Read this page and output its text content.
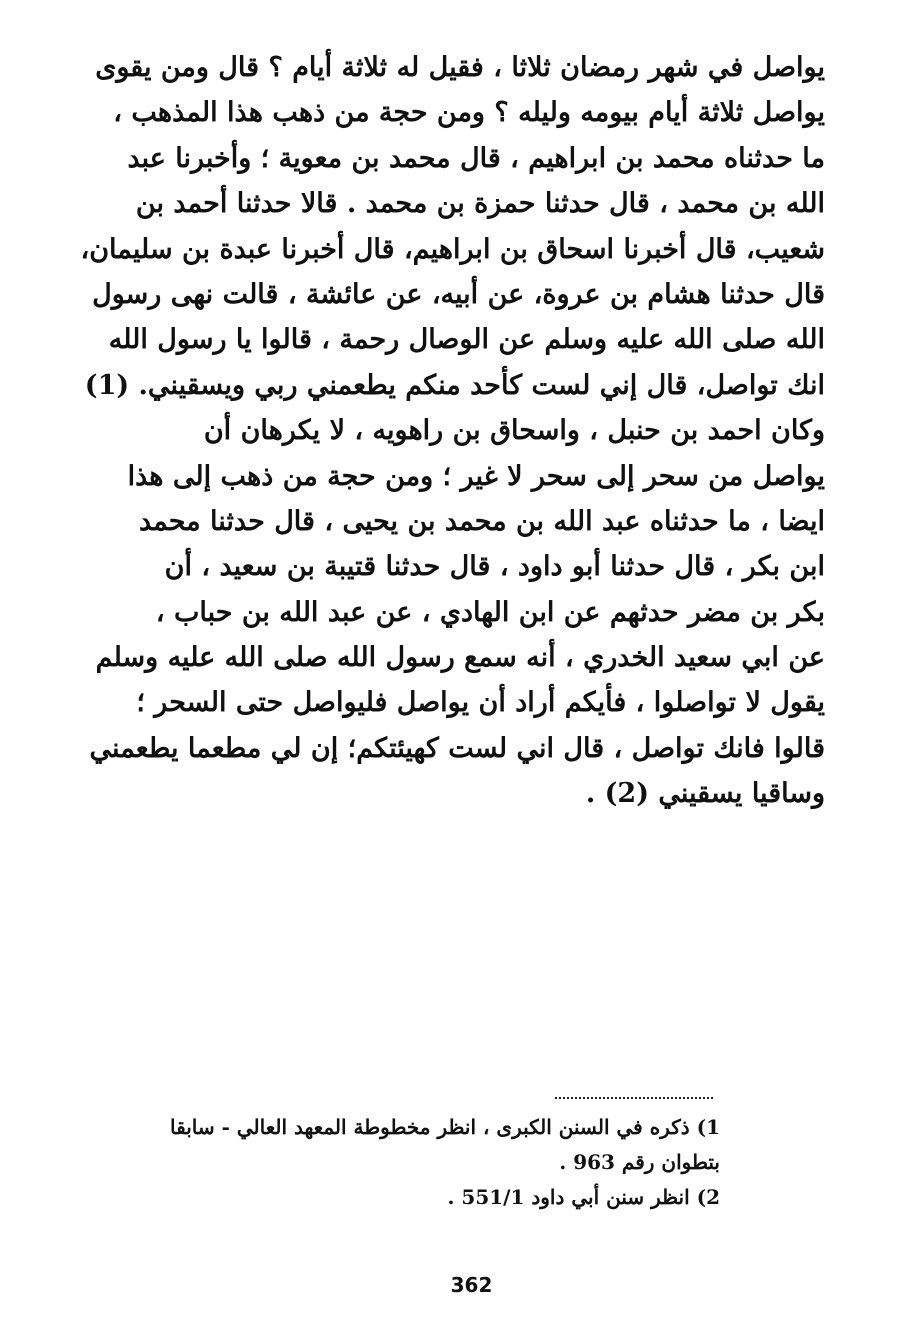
يواصل في شهر رمضان ثلاثا ، فقيل له ثلاثة أيام ؟ قال ومن يقوى
يواصل ثلاثة أيام بيومه وليله ؟ ومن حجة من ذهب هذا المذهب ،
ما حدثناه محمد بن ابراهيم ، قال محمد بن معوية ؛ وأخبرنا عبد
الله بن محمد ، قال حدثنا حمزة بن محمد . قالا حدثنا أحمد بن
شعيب، قال أخبرنا اسحاق بن ابراهيم، قال أخبرنا عبدة بن سليمان،
قال حدثنا هشام بن عروة، عن أبيه، عن عائشة ، قالت نهى رسول
الله صلى الله عليه وسلم عن الوصال رحمة ، قالوا يا رسول الله
انك تواصل، قال إني لست كأحد منكم يطعمني ربي ويسقيني. (1)
وكان احمد بن حنبل ، واسحاق بن راهويه ، لا يكرهان أن
يواصل من سحر إلى سحر لا غير ؛ ومن حجة من ذهب إلى هذا
ايضا ، ما حدثناه عبد الله بن محمد بن يحيى ، قال حدثنا محمد
ابن بكر ، قال حدثنا أبو داود ، قال حدثنا قتيبة بن سعيد ، أن
بكر بن مضر حدثهم عن ابن الهادي ، عن عبد الله بن حباب ،
عن ابي سعيد الخدري ، أنه سمع رسول الله صلى الله عليه وسلم
يقول لا تواصلوا ، فأيكم أراد أن يواصل فليواصل حتى السحر ؛
قالوا فانك تواصل ، قال اني لست كهيئتكم؛ إن لي مطعما يطعمني
وساقيا يسقيني (2) .
1) ذكره في السنن الكبرى ، انظر مخطوطة المعهد العالي - سابقا
بتطوان رقم 963 .
2) انظر سنن أبي داود 551/1 .
362
